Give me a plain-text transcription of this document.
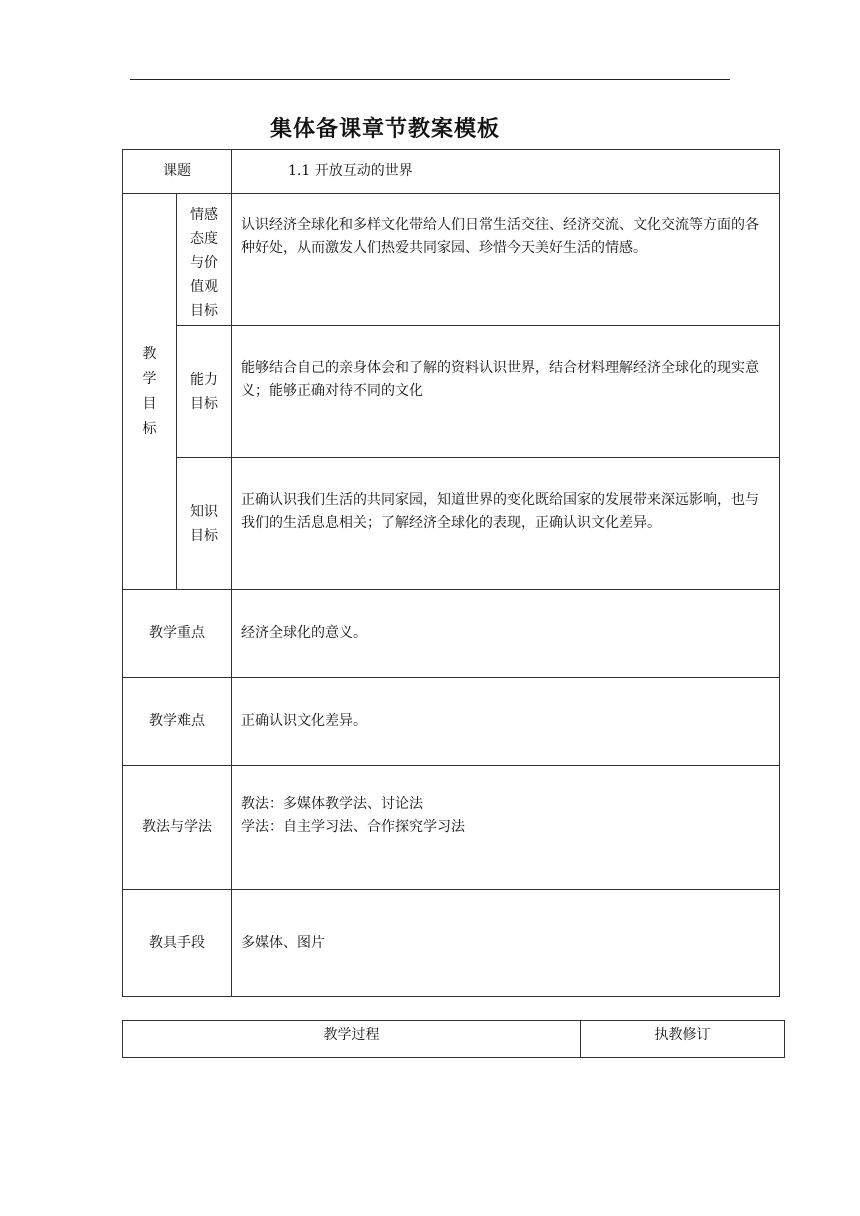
集体备课章节教案模板
课题		1.1 开放互动的世界
教学目标	情感态度与价值观目标	认识经济全球化和多样文化带给人们日常生活交往、经济交流、文化交流等方面的各种好处，从而激发人们热爱共同家园、珍惜今天美好生活的情感。
	能力目标	能够结合自己的亲身体会和了解的资料认识世界，结合材料理解经济全球化的现实意义；能够正确对待不同的文化
	知识目标	正确认识我们生活的共同家园，知道世界的变化既给国家的发展带来深远影响，也与我们的生活息息相关；了解经济全球化的表现，正确认识文化差异。
教学重点		经济全球化的意义。
教学难点		正确认识文化差异。
教法与学法		教法：多媒体教学法、讨论法
学法：自主学习法、合作探究学习法

教具手段		多媒体、图片
教学过程	执教修订
